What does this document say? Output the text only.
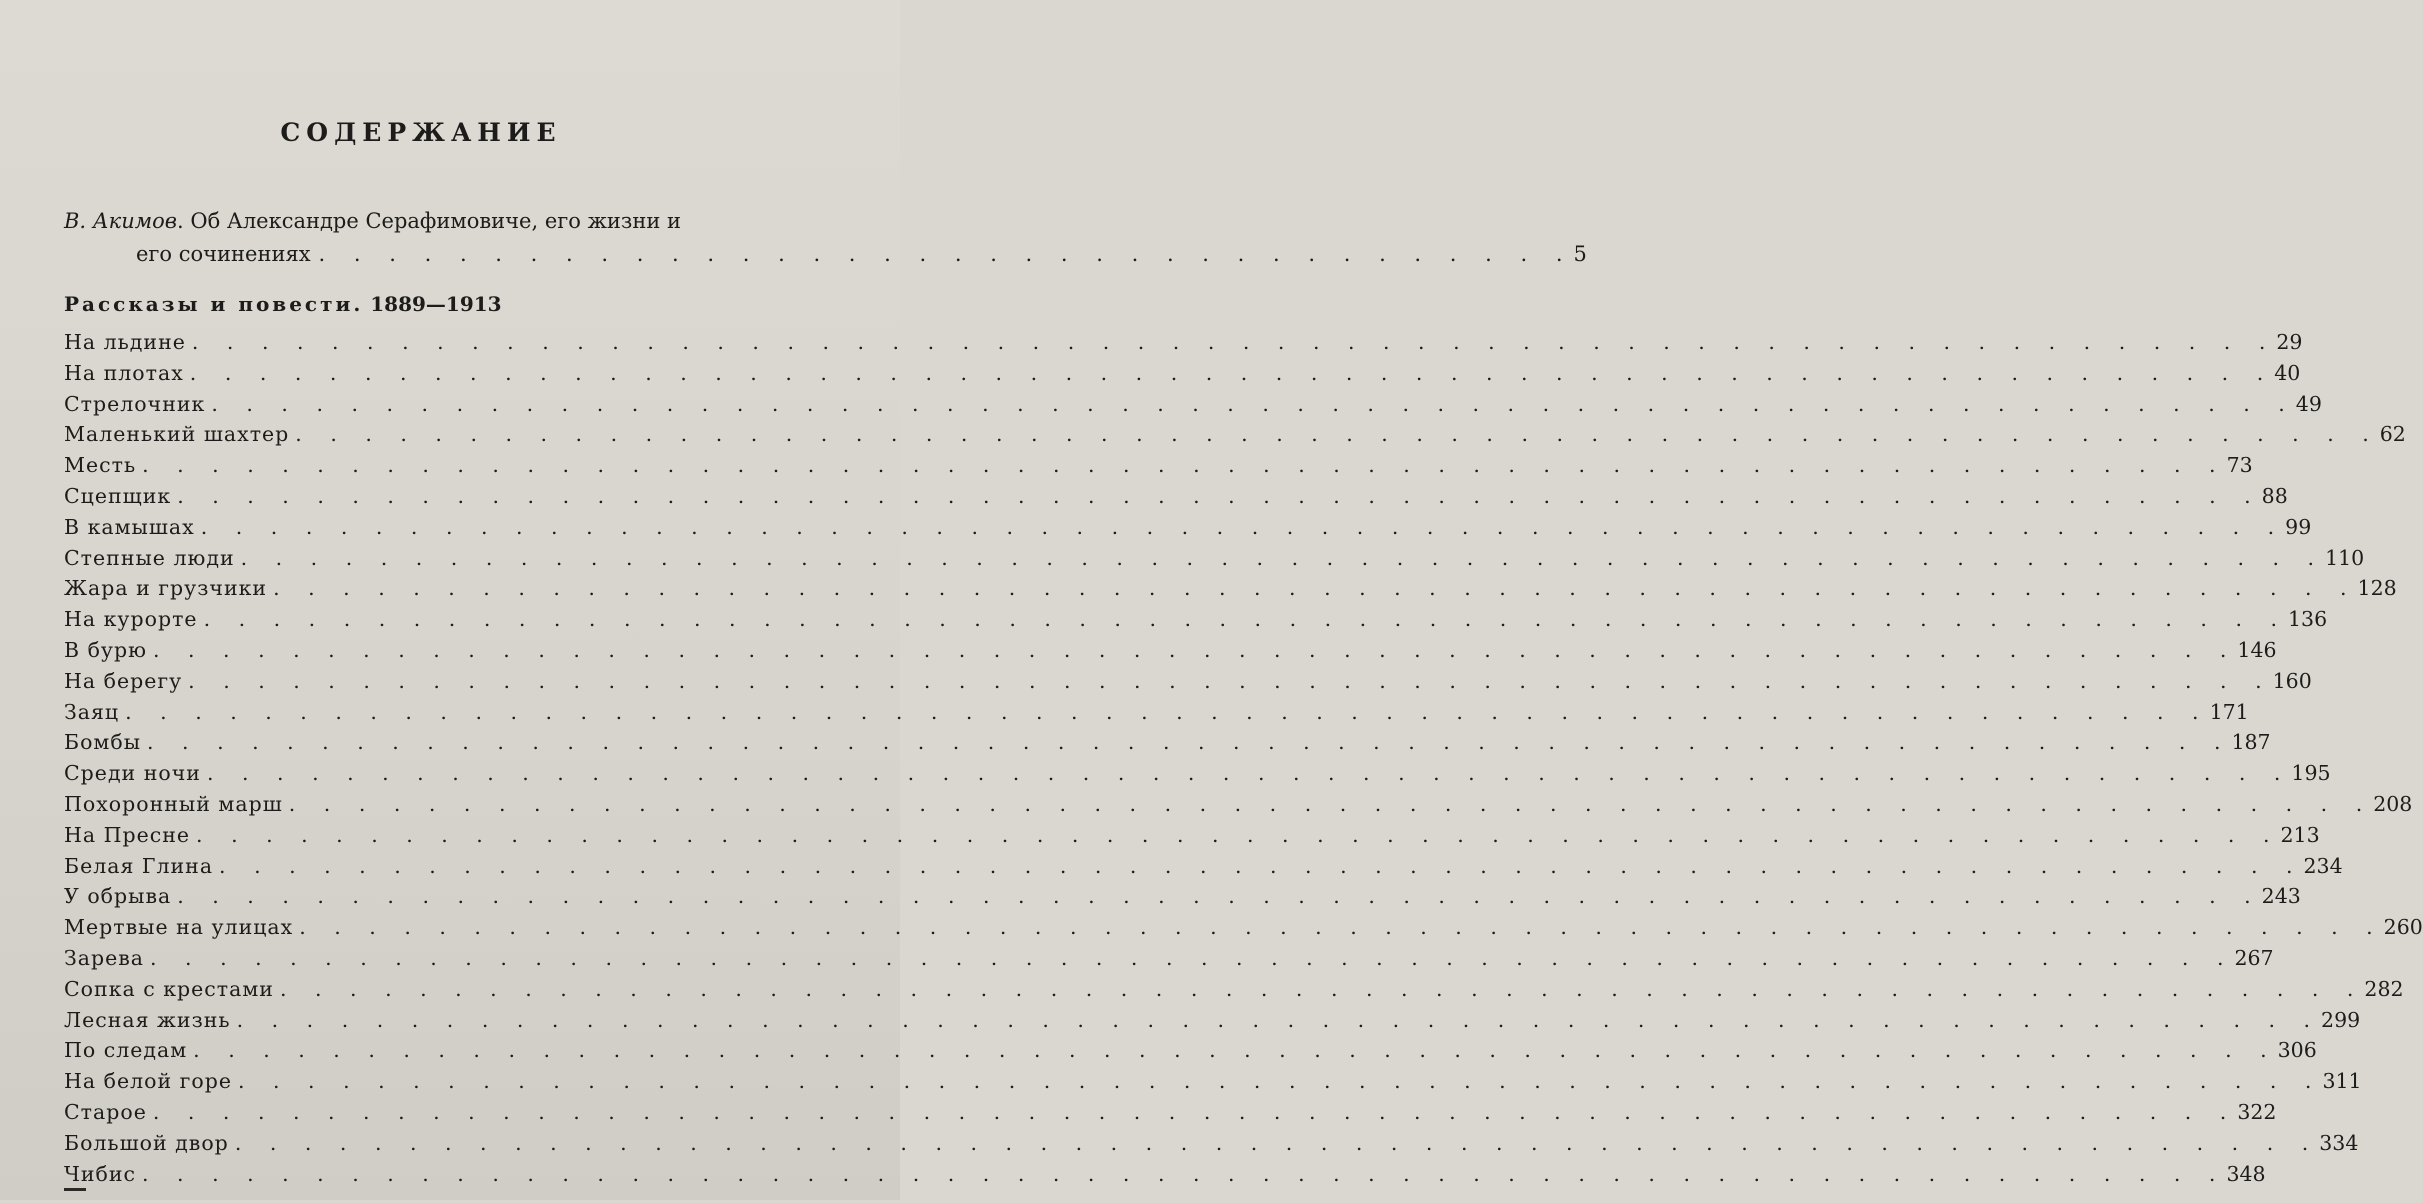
СОДЕРЖАНИЕ
В. Акимов. Об Александре Серафимовиче, его жизни и
его сочинениях . . . . . . . . . . . . . . . . . . . . . . . . . . . . . . . . . . . . 5
Рассказы и повести. 1889—1913
На льдине . . . . . . . . . . . . . . . . . . . . . . . . . . . . . . . . . . . . . . . . . . . . . . . . . . . . . . . . . . . . 29
На плотах . . . . . . . . . . . . . . . . . . . . . . . . . . . . . . . . . . . . . . . . . . . . . . . . . . . . . . . . . . . . 40
Стрелочник . . . . . . . . . . . . . . . . . . . . . . . . . . . . . . . . . . . . . . . . . . . . . . . . . . . . . . . . . . . . 49
Маленький шахтер . . . . . . . . . . . . . . . . . . . . . . . . . . . . . . . . . . . . . . . . . . . . . . . . . . . . . . . . . . . . 62
Месть . . . . . . . . . . . . . . . . . . . . . . . . . . . . . . . . . . . . . . . . . . . . . . . . . . . . . . . . . . . . 73
Сцепщик . . . . . . . . . . . . . . . . . . . . . . . . . . . . . . . . . . . . . . . . . . . . . . . . . . . . . . . . . . . . 88
В камышах . . . . . . . . . . . . . . . . . . . . . . . . . . . . . . . . . . . . . . . . . . . . . . . . . . . . . . . . . . . . 99
Степные люди . . . . . . . . . . . . . . . . . . . . . . . . . . . . . . . . . . . . . . . . . . . . . . . . . . . . . . . . . . . . 110
Жара и грузчики . . . . . . . . . . . . . . . . . . . . . . . . . . . . . . . . . . . . . . . . . . . . . . . . . . . . . . . . . . . . 128
На курорте . . . . . . . . . . . . . . . . . . . . . . . . . . . . . . . . . . . . . . . . . . . . . . . . . . . . . . . . . . . . 136
В бурю . . . . . . . . . . . . . . . . . . . . . . . . . . . . . . . . . . . . . . . . . . . . . . . . . . . . . . . . . . . . 146
На берегу . . . . . . . . . . . . . . . . . . . . . . . . . . . . . . . . . . . . . . . . . . . . . . . . . . . . . . . . . . . . 160
Заяц . . . . . . . . . . . . . . . . . . . . . . . . . . . . . . . . . . . . . . . . . . . . . . . . . . . . . . . . . . . . 171
Бомбы . . . . . . . . . . . . . . . . . . . . . . . . . . . . . . . . . . . . . . . . . . . . . . . . . . . . . . . . . . . . 187
Среди ночи . . . . . . . . . . . . . . . . . . . . . . . . . . . . . . . . . . . . . . . . . . . . . . . . . . . . . . . . . . . . 195
Похоронный марш . . . . . . . . . . . . . . . . . . . . . . . . . . . . . . . . . . . . . . . . . . . . . . . . . . . . . . . . . . . . 208
На Пресне . . . . . . . . . . . . . . . . . . . . . . . . . . . . . . . . . . . . . . . . . . . . . . . . . . . . . . . . . . . . 213
Белая Глина . . . . . . . . . . . . . . . . . . . . . . . . . . . . . . . . . . . . . . . . . . . . . . . . . . . . . . . . . . . . 234
У обрыва . . . . . . . . . . . . . . . . . . . . . . . . . . . . . . . . . . . . . . . . . . . . . . . . . . . . . . . . . . . . 243
Мертвые на улицах . . . . . . . . . . . . . . . . . . . . . . . . . . . . . . . . . . . . . . . . . . . . . . . . . . . . . . . . . . . . 260
Зарева . . . . . . . . . . . . . . . . . . . . . . . . . . . . . . . . . . . . . . . . . . . . . . . . . . . . . . . . . . . . 267
Сопка с крестами . . . . . . . . . . . . . . . . . . . . . . . . . . . . . . . . . . . . . . . . . . . . . . . . . . . . . . . . . . . . 282
Лесная жизнь . . . . . . . . . . . . . . . . . . . . . . . . . . . . . . . . . . . . . . . . . . . . . . . . . . . . . . . . . . . . 299
По следам . . . . . . . . . . . . . . . . . . . . . . . . . . . . . . . . . . . . . . . . . . . . . . . . . . . . . . . . . . . . 306
На белой горе . . . . . . . . . . . . . . . . . . . . . . . . . . . . . . . . . . . . . . . . . . . . . . . . . . . . . . . . . . . . 311
Старое . . . . . . . . . . . . . . . . . . . . . . . . . . . . . . . . . . . . . . . . . . . . . . . . . . . . . . . . . . . . 322
Большой двор . . . . . . . . . . . . . . . . . . . . . . . . . . . . . . . . . . . . . . . . . . . . . . . . . . . . . . . . . . . . 334
Чибис . . . . . . . . . . . . . . . . . . . . . . . . . . . . . . . . . . . . . . . . . . . . . . . . . . . . . . . . . . . . 348
